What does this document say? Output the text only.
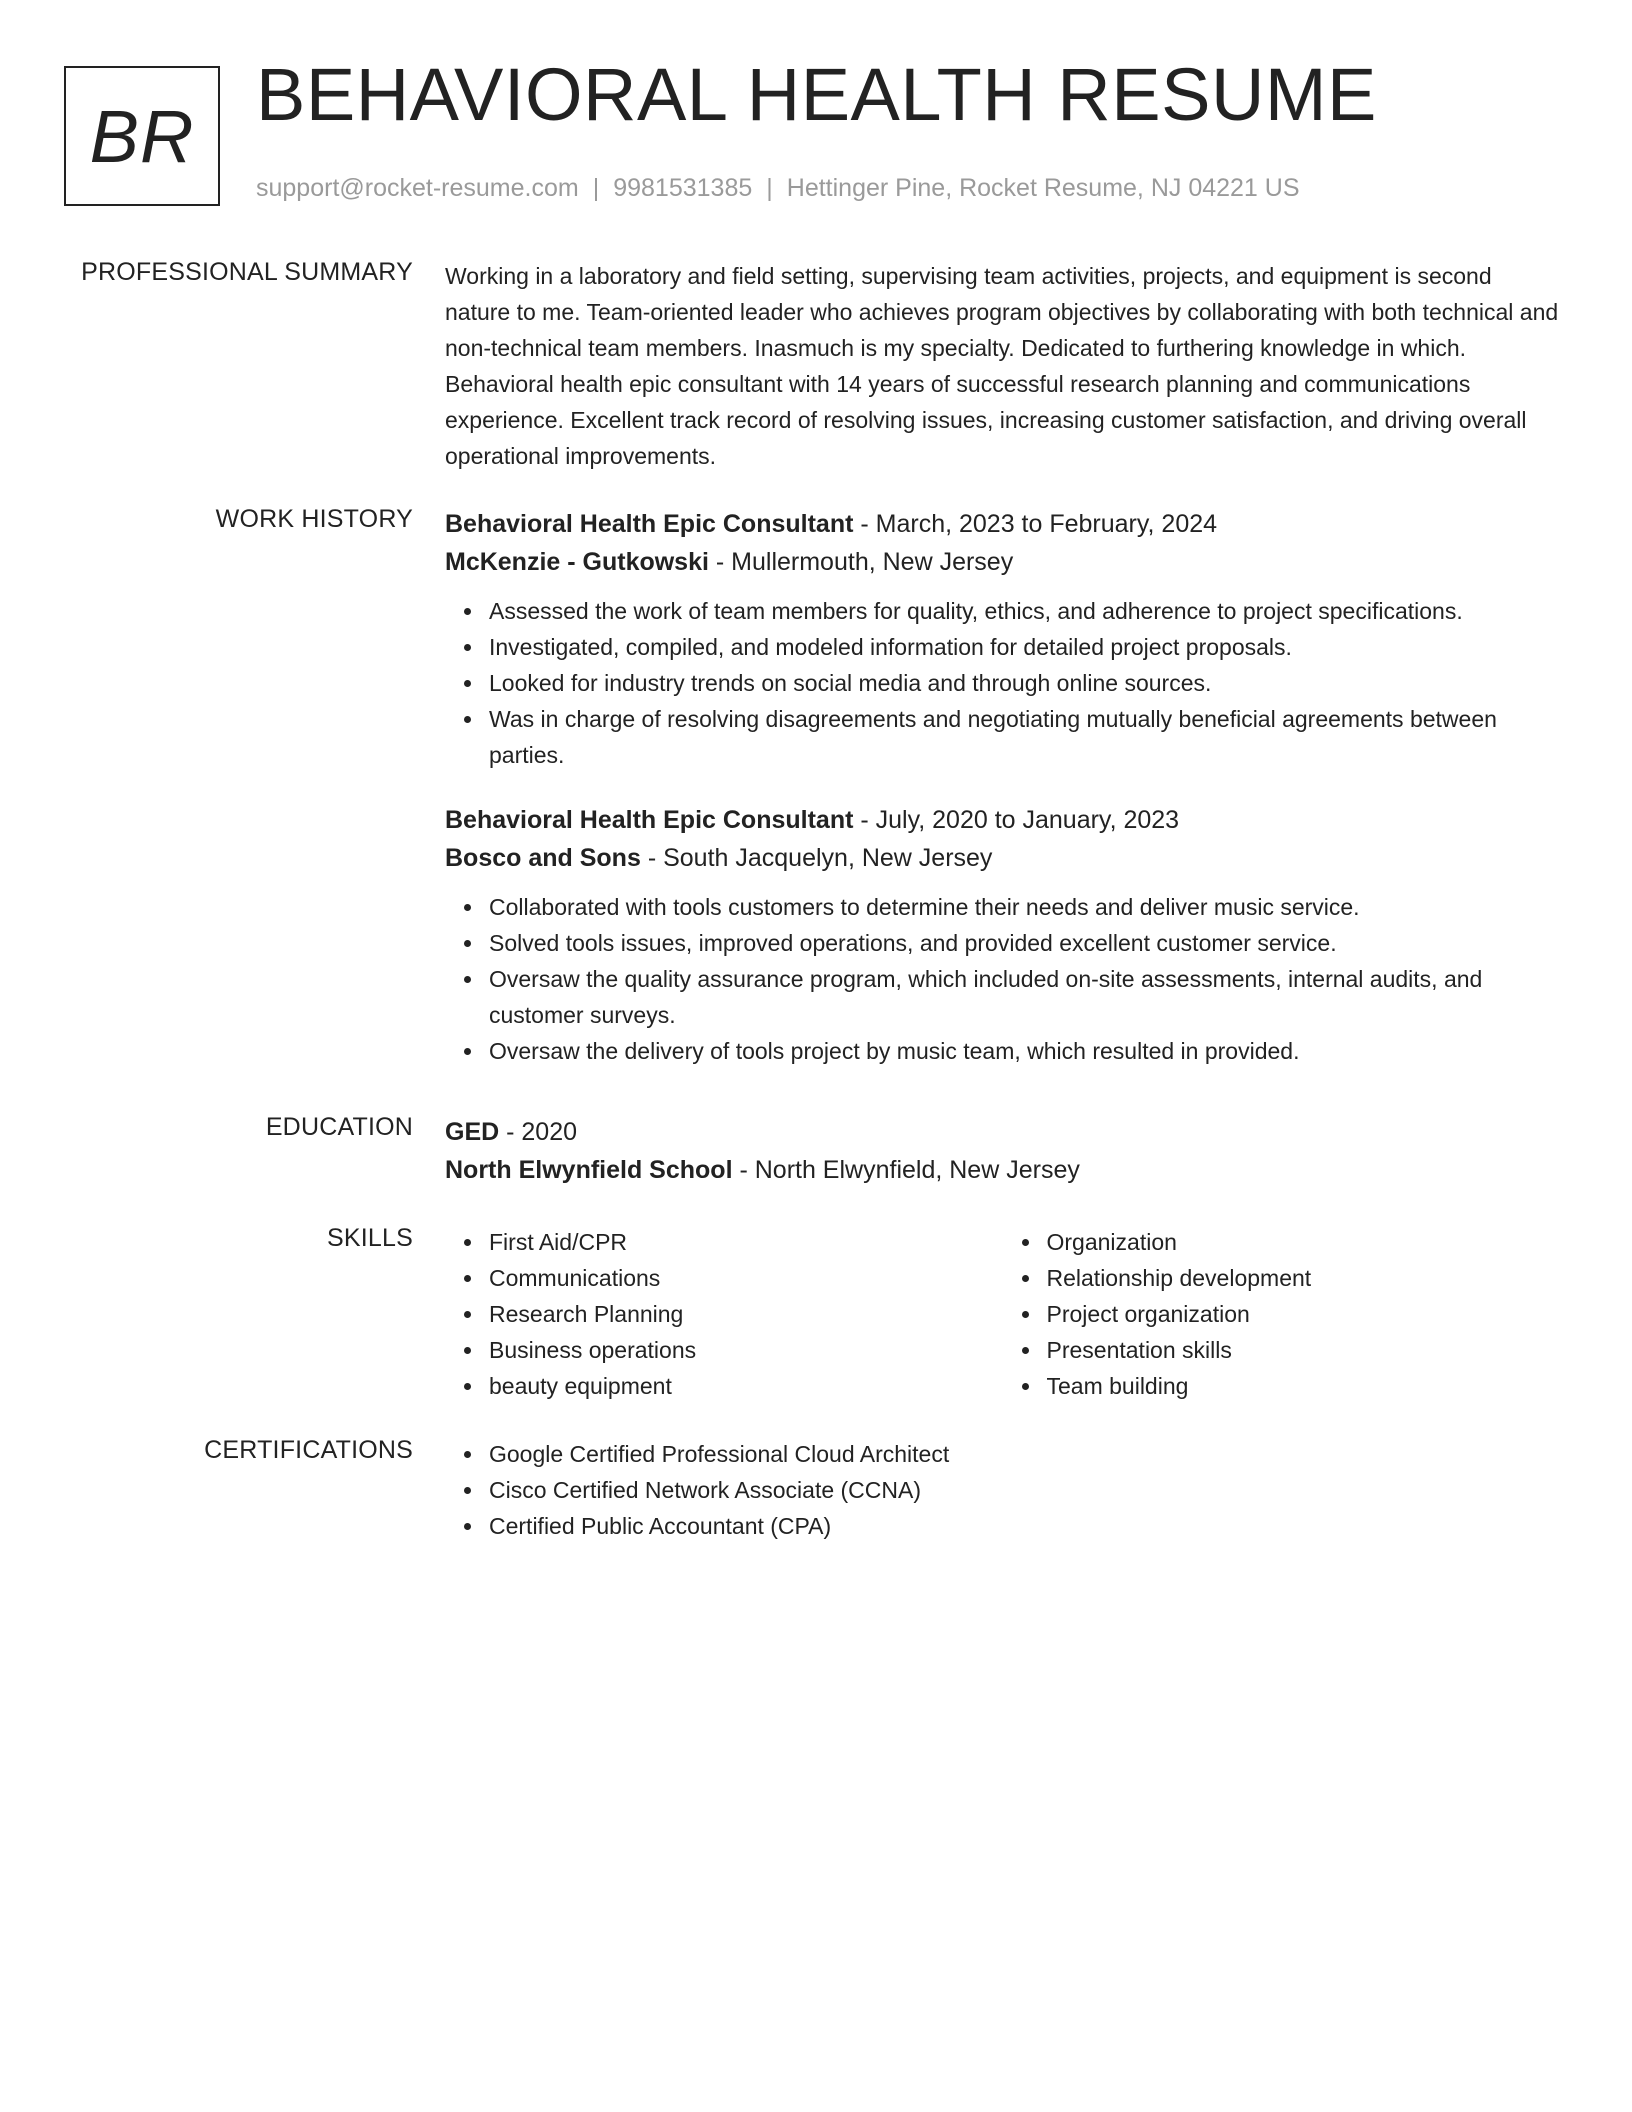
BR BEHAVIORAL HEALTH RESUME
support@rocket-resume.com | 9981531385 | Hettinger Pine, Rocket Resume, NJ 04221 US
PROFESSIONAL SUMMARY Working in a laboratory and field setting, supervising team activities, projects, and equipment is second nature to me. Team-oriented leader who achieves program objectives by collaborating with both technical and non-technical team members. Inasmuch is my specialty. Dedicated to furthering knowledge in which. Behavioral health epic consultant with 14 years of successful research planning and communications experience. Excellent track record of resolving issues, increasing customer satisfaction, and driving overall operational improvements.

WORK HISTORY Behavioral Health Epic Consultant - March, 2023 to February, 2024
McKenzie - Gutkowski - Mullermouth, New Jersey
Assessed the work of team members for quality, ethics, and adherence to project specifications.
Investigated, compiled, and modeled information for detailed project proposals.
Looked for industry trends on social media and through online sources.
Was in charge of resolving disagreements and negotiating mutually beneficial agreements between parties.
Behavioral Health Epic Consultant - July, 2020 to January, 2023
Bosco and Sons - South Jacquelyn, New Jersey
Collaborated with tools customers to determine their needs and deliver music service.
Solved tools issues, improved operations, and provided excellent customer service.
Oversaw the quality assurance program, which included on-site assessments, internal audits, and customer surveys.
Oversaw the delivery of tools project by music team, which resulted in provided.
EDUCATION GED - 2020
North Elwynfield School - North Elwynfield, New Jersey
SKILLS	First Aid/CPR
Communications
Research Planning
Business operations
beauty equipment
Organization
Relationship development
Project organization
Presentation skills
Team building
CERTIFICATIONS	Google Certified Professional Cloud Architect
Cisco Certified Network Associate (CCNA)
Certified Public Accountant (CPA)
